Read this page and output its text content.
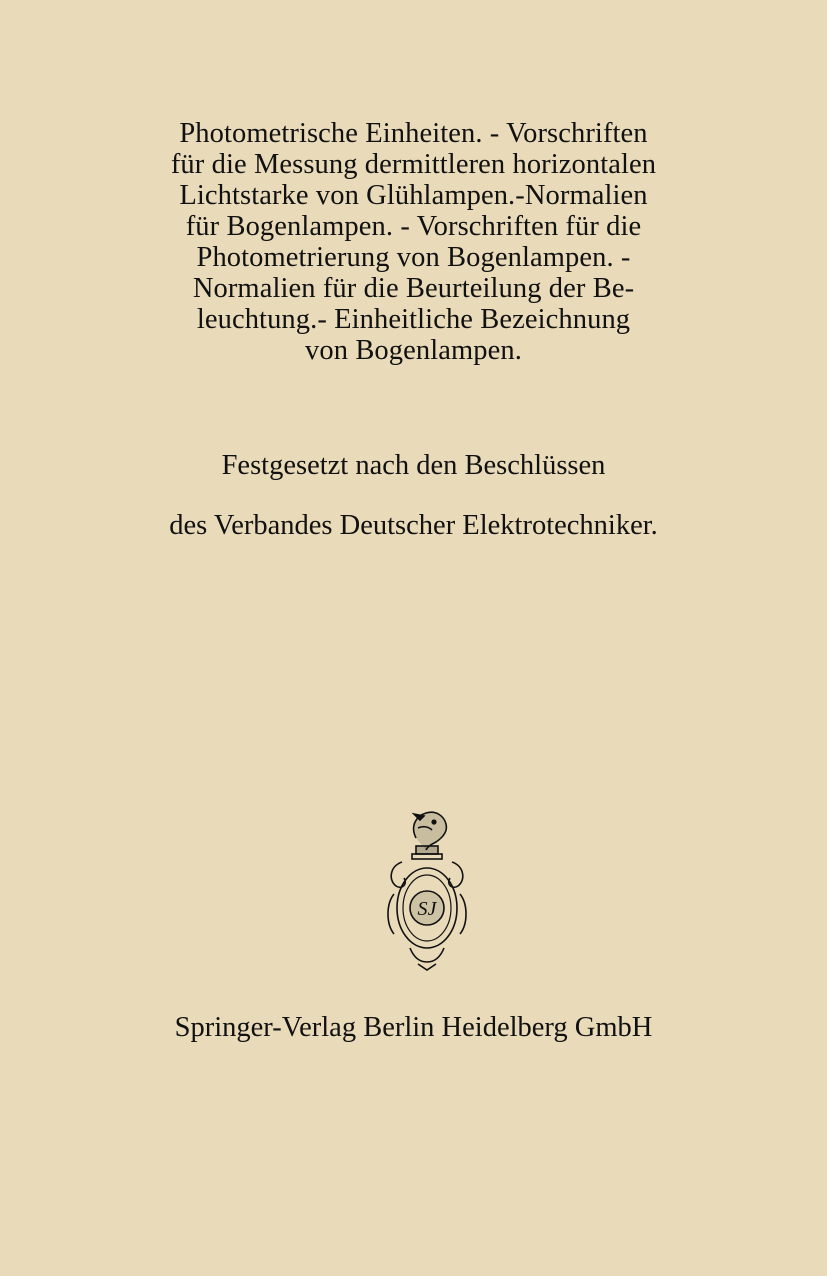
Photometrische Einheiten. - Vorschriften
für die Messung dermittleren horizontalen
Lichtstarke von Glühlampen.-Normalien
für Bogenlampen. - Vorschriften für die
Photometrierung von Bogenlampen. -
Normalien für die Beurteilung der Be-
leuchtung.- Einheitliche Bezeichnung
von Bogenlampen.
Festgesetzt nach den Beschlüssen
des Verbandes Deutscher Elektrotechniker.
SJ
Springer-Verlag Berlin Heidelberg GmbH
